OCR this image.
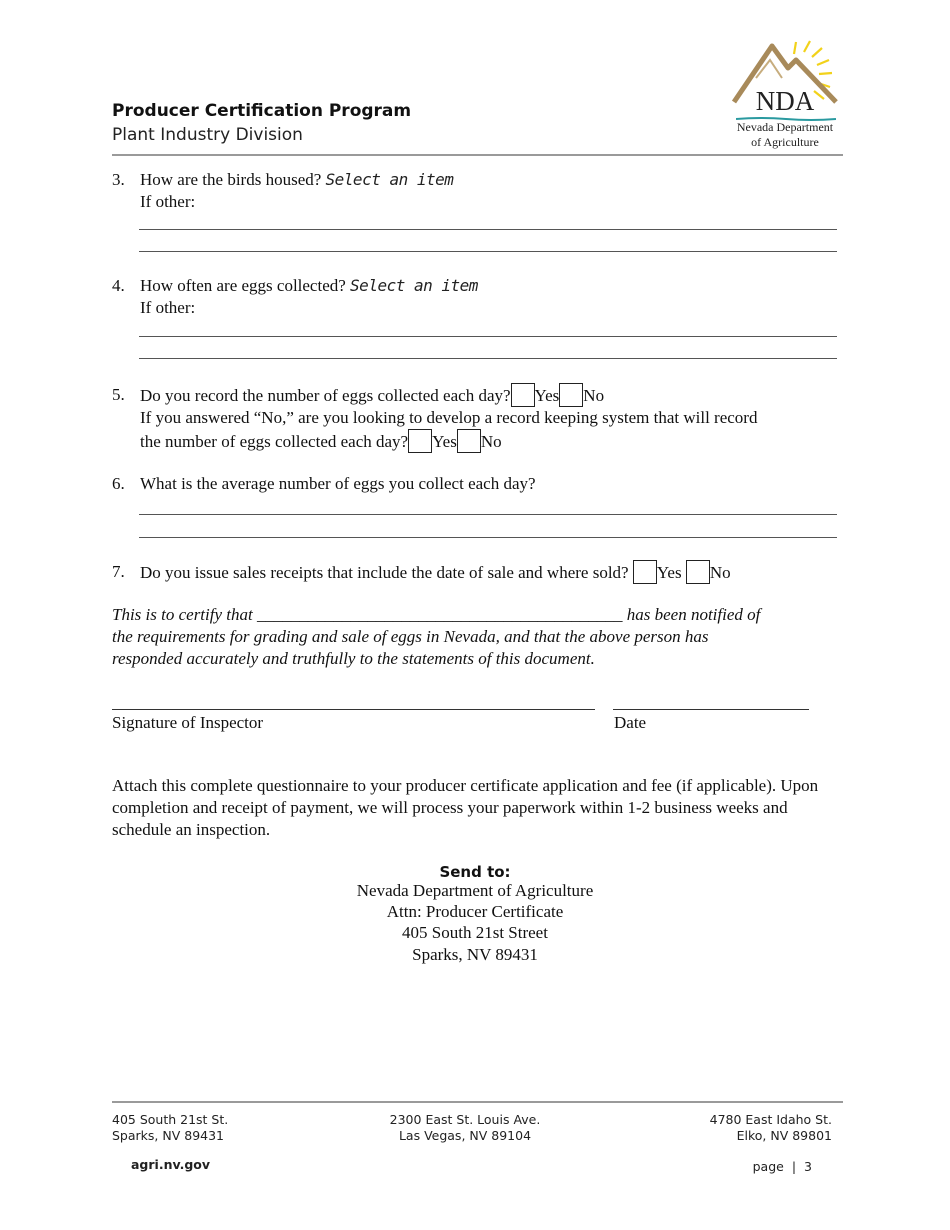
Producer Certification Program
Plant Industry Division
NDA
Nevada Department
of Agriculture
3. How are the birds housed? Select an item
If other:
4. How often are eggs collected? Select an item
If other:
5. Do you record the number of eggs collected each day? Yes No
If you answered “No,” are you looking to develop a record keeping system that will record
the number of eggs collected each day? Yes No
6. What is the average number of eggs you collect each day?
7. Do you issue sales receipts that include the date of sale and where sold? Yes No
This is to certify that ___________________________________________ has been notified of
the requirements for grading and sale of eggs in Nevada, and that the above person has
responded accurately and truthfully to the statements of this document.
Signature of Inspector	Date
Attach this complete questionnaire to your producer certificate application and fee (if applicable). Upon completion and receipt of payment, we will process your paperwork within 1-2 business weeks and schedule an inspection.
Send to:
Nevada Department of Agriculture
Attn: Producer Certificate
405 South 21st Street
Sparks, NV 89431
405 South 21st St.
Sparks, NV 89431
2300 East St. Louis Ave.
Las Vegas, NV 89104
4780 East Idaho St.
Elko, NV 89801
agri.nv.gov	page | 3
